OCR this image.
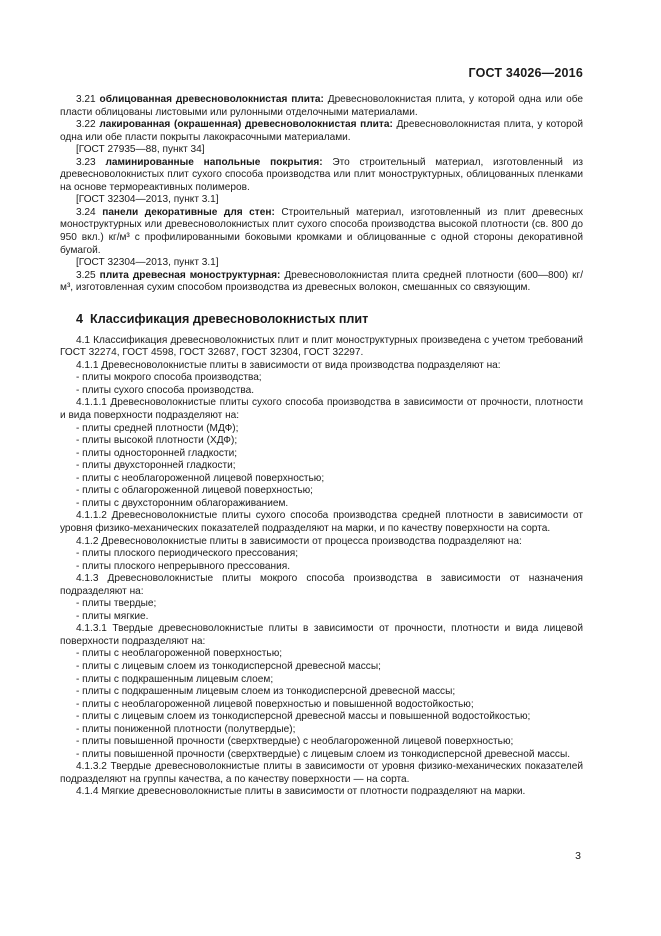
ГОСТ 34026—2016

3.21 облицованная древесноволокнистая плита: Древесноволокнистая плита, у которой одна или обе пласти облицованы листовыми или рулонными отделочными материалами.

3.22 лакированная (окрашенная) древесноволокнистая плита: Древесноволокнистая плита, у которой одна или обе пласти покрыты лакокрасочными материалами.

[ГОСТ 27935—88, пункт 34]

3.23 ламинированные напольные покрытия: Это строительный материал, изготовленный из древесноволокнистых плит сухого способа производства или плит моноструктурных, облицованных пленками на основе термореактивных полимеров.

[ГОСТ 32304—2013, пункт 3.1]

3.24 панели декоративные для стен: Строительный материал, изготовленный из плит древесных моноструктурных или древесноволокнистых плит сухого способа производства высокой плотности (св. 800 до 950 вкл.) кг/м³ с профилированными боковыми кромками и облицованные с одной стороны декоративной бумагой.

[ГОСТ 32304—2013, пункт 3.1]

3.25 плита древесная моноструктурная: Древесноволокнистая плита средней плотности (600—800) кг/м³, изготовленная сухим способом производства из древесных волокон, смешанных со связующим.

4 Классификация древесноволокнистых плит

4.1 Классификация древесноволокнистых плит и плит моноструктурных произведена с учетом требований ГОСТ 32274, ГОСТ 4598, ГОСТ 32687, ГОСТ 32304, ГОСТ 32297.

4.1.1 Древесноволокнистые плиты в зависимости от вида производства подразделяют на:

- плиты мокрого способа производства;

- плиты сухого способа производства.

4.1.1.1 Древесноволокнистые плиты сухого способа производства в зависимости от прочности, плотности и вида поверхности подразделяют на:

- плиты средней плотности (МДФ);

- плиты высокой плотности (ХДФ);

- плиты односторонней гладкости;

- плиты двухсторонней гладкости;

- плиты с необлагороженной лицевой поверхностью;

- плиты с облагороженной лицевой поверхностью;

- плиты с двухсторонним облагораживанием.

4.1.1.2 Древесноволокнистые плиты сухого способа производства средней плотности в зависимости от уровня физико-механических показателей подразделяют на марки, и по качеству поверхности на сорта.

4.1.2 Древесноволокнистые плиты в зависимости от процесса производства подразделяют на:

- плиты плоского периодического прессования;

- плиты плоского непрерывного прессования.

4.1.3 Древесноволокнистые плиты мокрого способа производства в зависимости от назначения подразделяют на:

- плиты твердые;

- плиты мягкие.

4.1.3.1 Твердые древесноволокнистые плиты в зависимости от прочности, плотности и вида лицевой поверхности подразделяют на:

- плиты с необлагороженной поверхностью;

- плиты с лицевым слоем из тонкодисперсной древесной массы;

- плиты с подкрашенным лицевым слоем;

- плиты с подкрашенным лицевым слоем из тонкодисперсной древесной массы;

- плиты с необлагороженной лицевой поверхностью и повышенной водостойкостью;

- плиты с лицевым слоем из тонкодисперсной древесной массы и повышенной водостойкостью;

- плиты пониженной плотности (полутвердые);

- плиты повышенной прочности (сверхтвердые) с необлагороженной лицевой поверхностью;

- плиты повышенной прочности (сверхтвердые) с лицевым слоем из тонкодисперсной древесной массы.

4.1.3.2 Твердые древесноволокнистые плиты в зависимости от уровня физико-механических показателей подразделяют на группы качества, а по качеству поверхности — на сорта.

4.1.4 Мягкие древесноволокнистые плиты в зависимости от плотности подразделяют на марки.

3
